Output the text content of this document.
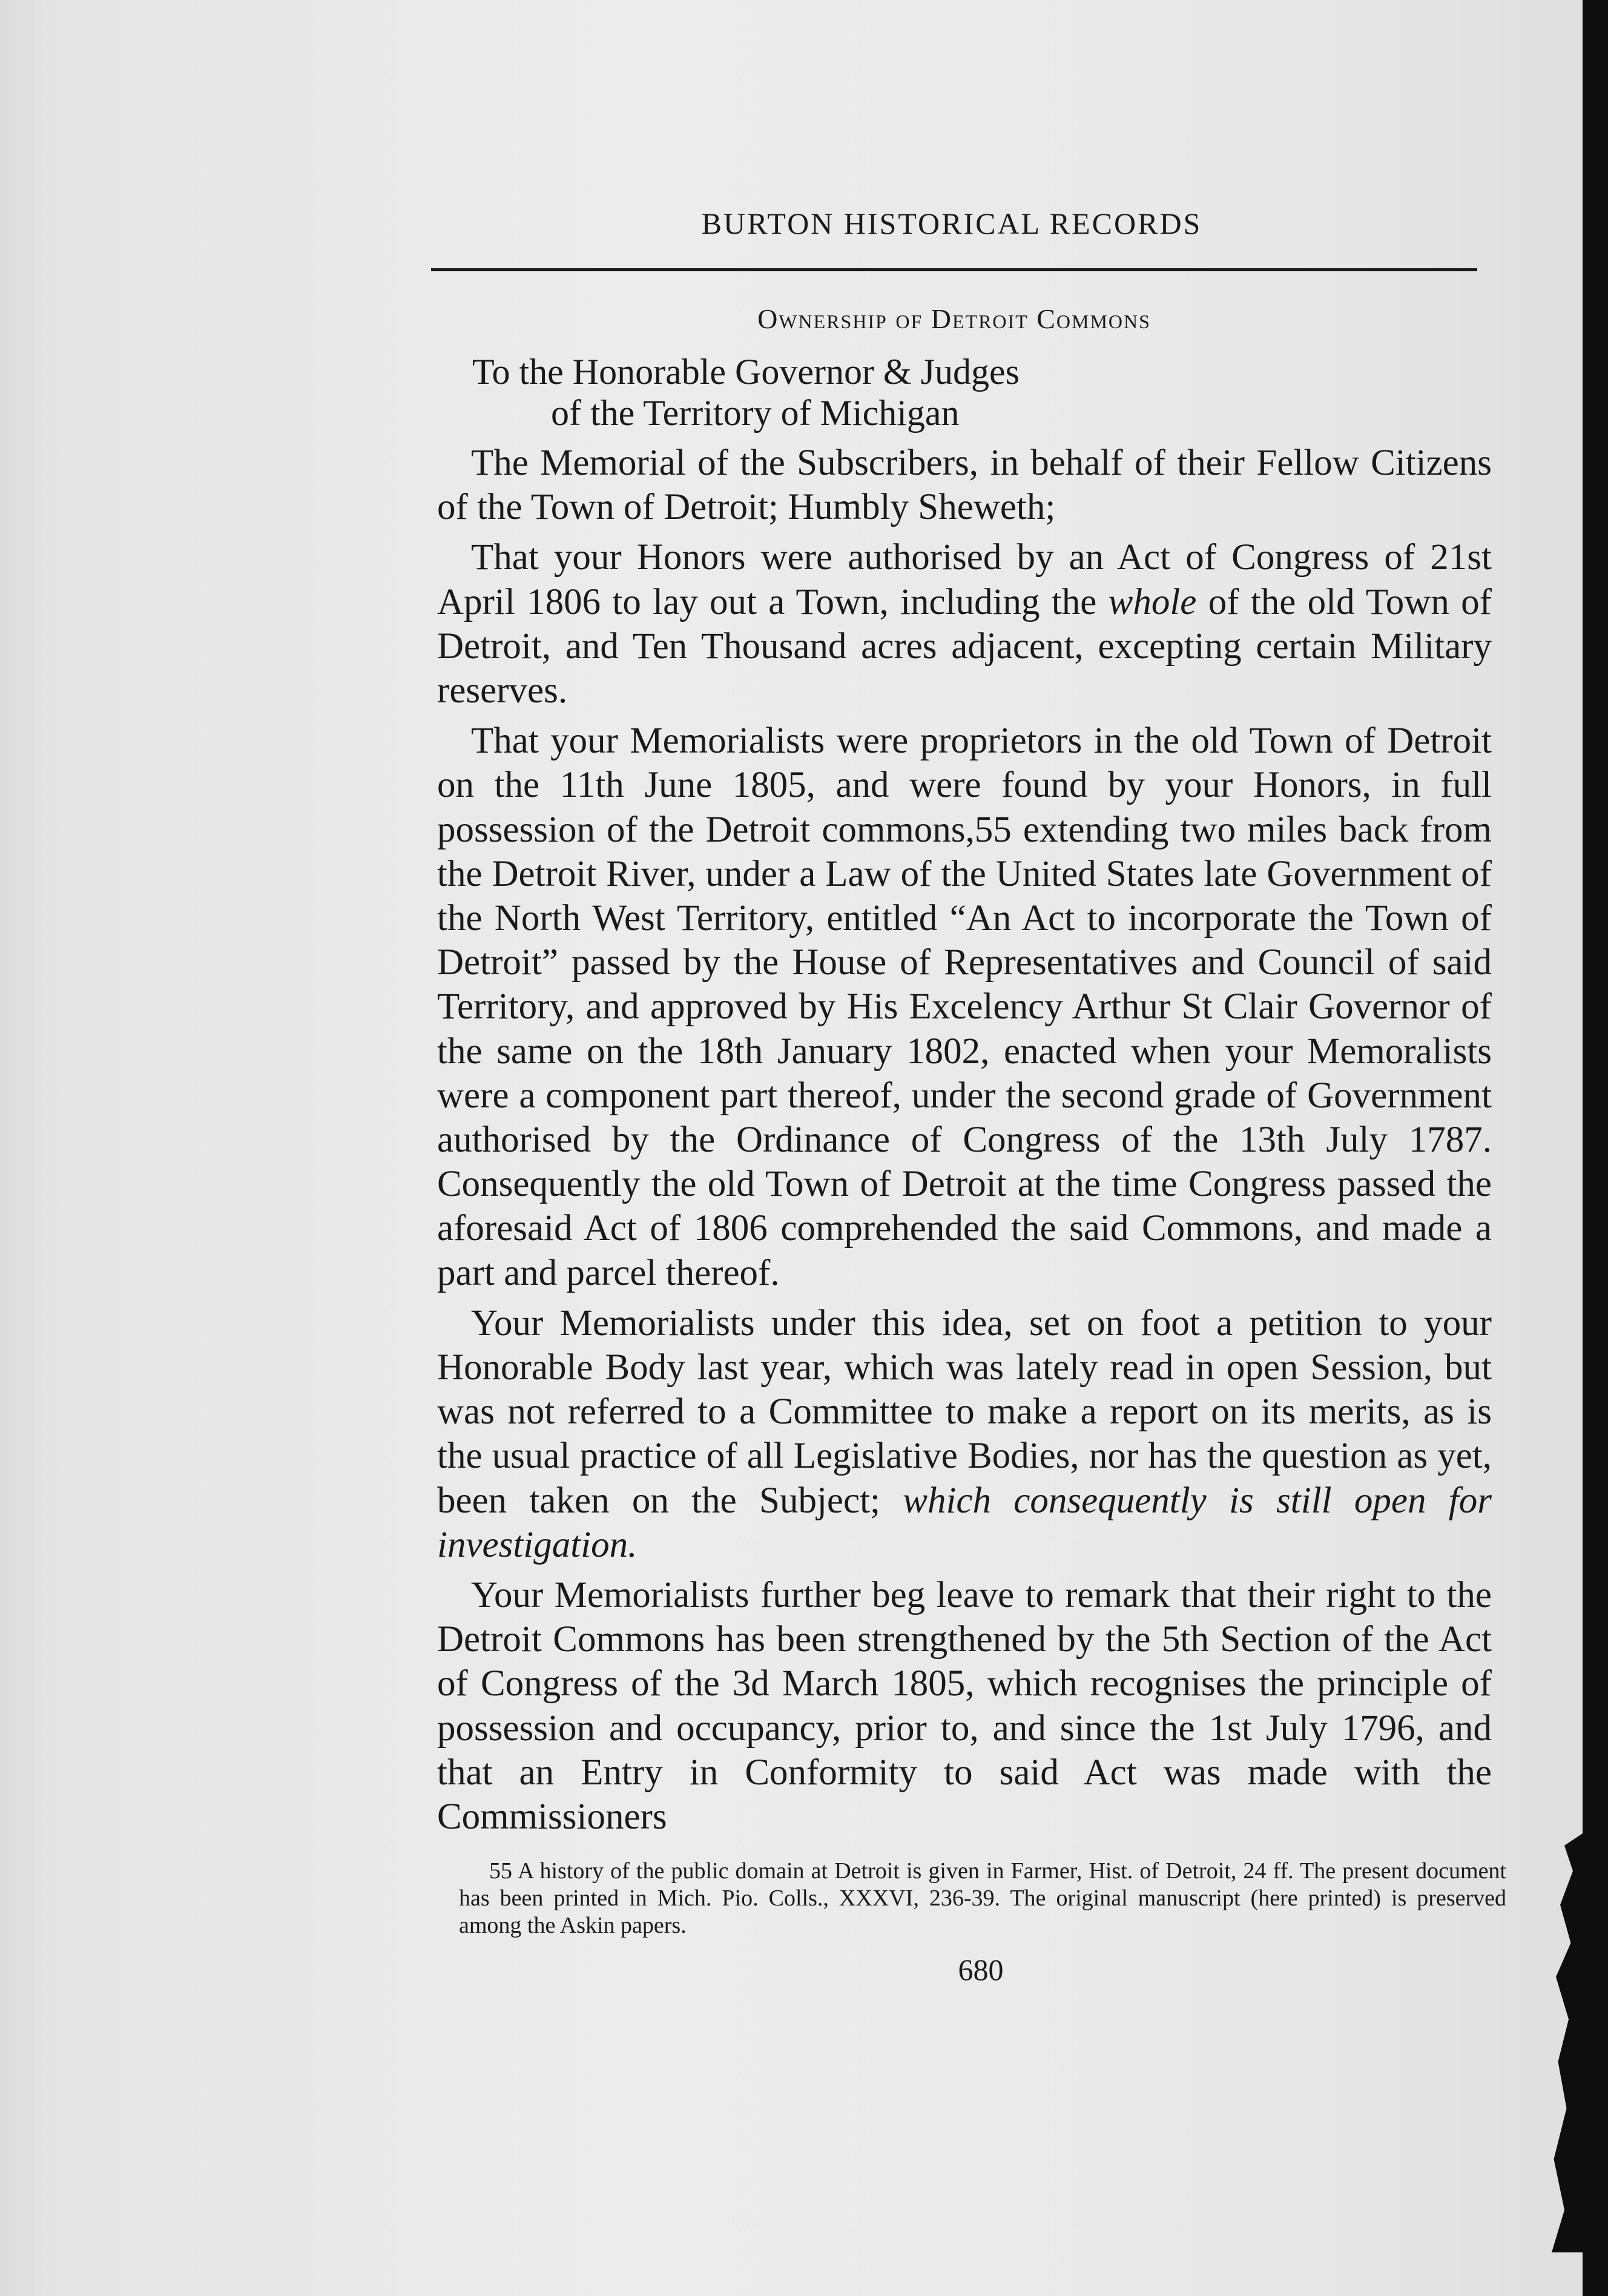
BURTON HISTORICAL RECORDS
Ownership of Detroit Commons
To the Honorable Governor & Judges
of the Territory of Michigan

The Memorial of the Subscribers, in behalf of their Fellow Citizens of the Town of Detroit; Humbly Sheweth;

That your Honors were authorised by an Act of Congress of 21st April 1806 to lay out a Town, including the whole of the old Town of Detroit, and Ten Thousand acres adjacent, excepting certain Military reserves.

That your Memorialists were proprietors in the old Town of Detroit on the 11th June 1805, and were found by your Honors, in full possession of the Detroit commons,55 extending two miles back from the Detroit River, under a Law of the United States late Government of the North West Territory, entitled “An Act to incorporate the Town of Detroit” passed by the House of Representatives and Council of said Territory, and approved by His Excelency Arthur St Clair Governor of the same on the 18th January 1802, enacted when your Memoralists were a component part thereof, under the second grade of Government authorised by the Ordinance of Congress of the 13th July 1787. Consequently the old Town of Detroit at the time Congress passed the aforesaid Act of 1806 comprehended the said Commons, and made a part and parcel thereof.

Your Memorialists under this idea, set on foot a petition to your Honorable Body last year, which was lately read in open Session, but was not referred to a Committee to make a report on its merits, as is the usual practice of all Legislative Bodies, nor has the question as yet, been taken on the Subject; which consequently is still open for investigation.

Your Memorialists further beg leave to remark that their right to the Detroit Commons has been strengthened by the 5th Section of the Act of Congress of the 3d March 1805, which recognises the principle of possession and occupancy, prior to, and since the 1st July 1796, and that an Entry in Conformity to said Act was made with the Commissioners

55 A history of the public domain at Detroit is given in Farmer, Hist. of Detroit, 24 ff. The present document has been printed in Mich. Pio. Colls., XXXVI, 236-39. The original manuscript (here printed) is preserved among the Askin papers.
680
